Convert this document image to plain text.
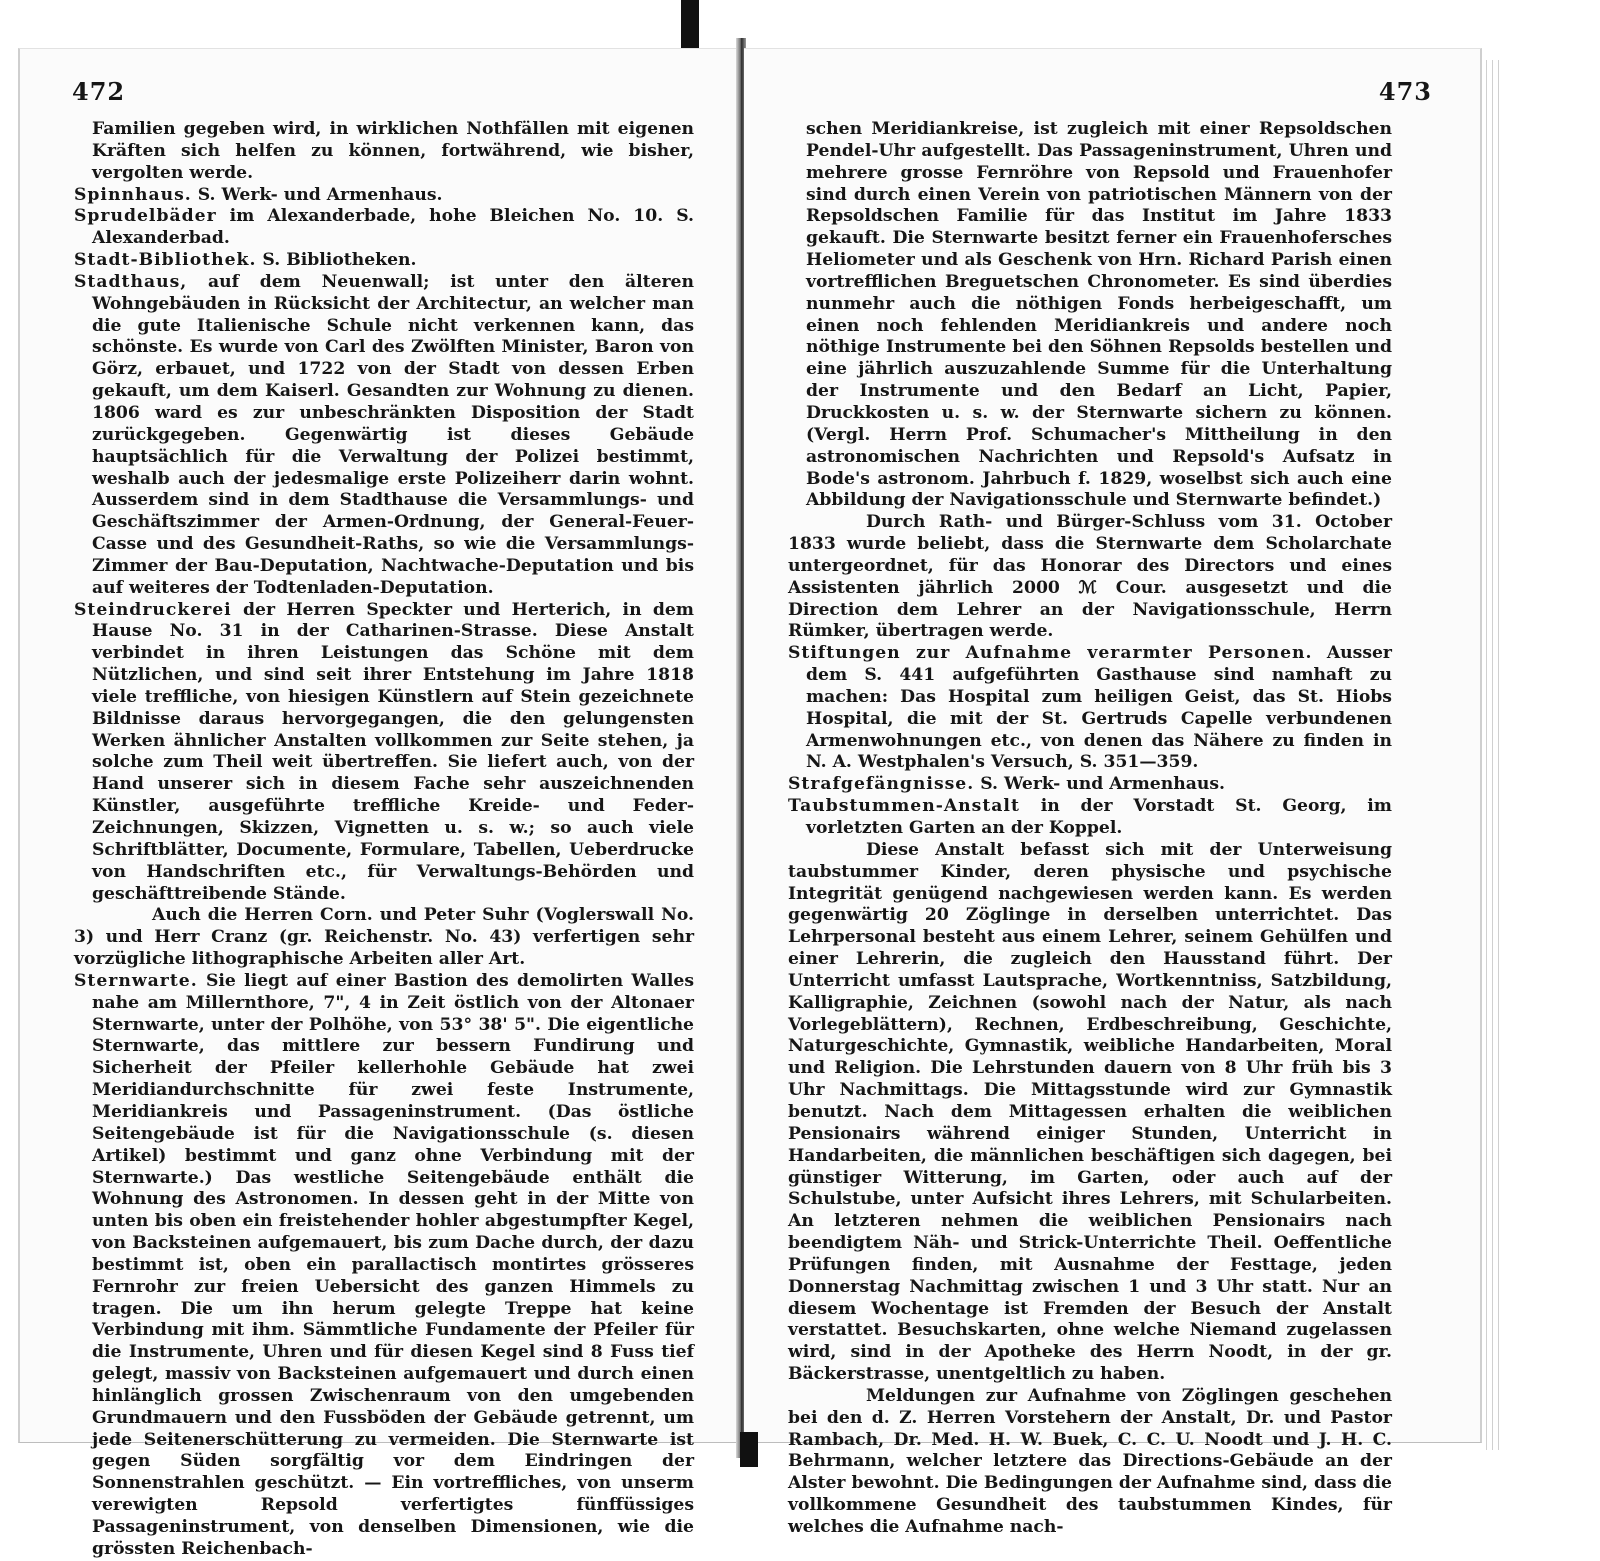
472

Familien gegeben wird, in wirklichen Nothfällen mit eigenen Kräften sich helfen zu können, fortwährend, wie bisher, vergolten werde.

Spinnhaus. S. Werk- und Armenhaus.

Sprudelbäder im Alexanderbade, hohe Bleichen No. 10. S. Alexanderbad.

Stadt-Bibliothek. S. Bibliotheken.

Stadthaus, auf dem Neuenwall; ist unter den älteren Wohngebäuden in Rücksicht der Architectur, an welcher man die gute Italienische Schule nicht verkennen kann, das schönste. Es wurde von Carl des Zwölften Minister, Baron von Görz, erbauet, und 1722 von der Stadt von dessen Erben gekauft, um dem Kaiserl. Gesandten zur Wohnung zu dienen. 1806 ward es zur unbeschränkten Disposition der Stadt zurückgegeben. Gegenwärtig ist dieses Gebäude hauptsächlich für die Verwaltung der Polizei bestimmt, weshalb auch der jedesmalige erste Polizeiherr darin wohnt. Ausserdem sind in dem Stadthause die Versammlungs- und Geschäftszimmer der Armen-Ordnung, der General-Feuer-Casse und des Gesundheit-Raths, so wie die Versammlungs-Zimmer der Bau-Deputation, Nachtwache-Deputation und bis auf weiteres der Todtenladen-Deputation.

Steindruckerei der Herren Speckter und Herterich, in dem Hause No. 31 in der Catharinen-Strasse. Diese Anstalt verbindet in ihren Leistungen das Schöne mit dem Nützlichen, und sind seit ihrer Entstehung im Jahre 1818 viele treffliche, von hiesigen Künstlern auf Stein gezeichnete Bildnisse daraus hervorgegangen, die den gelungensten Werken ähnlicher Anstalten vollkommen zur Seite stehen, ja solche zum Theil weit übertreffen. Sie liefert auch, von der Hand unserer sich in diesem Fache sehr auszeichnenden Künstler, ausgeführte treffliche Kreide- und Feder-Zeichnungen, Skizzen, Vignetten u. s. w.; so auch viele Schriftblätter, Documente, Formulare, Tabellen, Ueberdrucke von Handschriften etc., für Verwaltungs-Behörden und geschäfttreibende Stände.

Auch die Herren Corn. und Peter Suhr (Voglerswall No. 3) und Herr Cranz (gr. Reichenstr. No. 43) verfertigen sehr vorzügliche lithographische Arbeiten aller Art.

Sternwarte. Sie liegt auf einer Bastion des demolirten Walles nahe am Millernthore, 7", 4 in Zeit östlich von der Altonaer Sternwarte, unter der Polhöhe, von 53° 38' 5". Die eigentliche Sternwarte, das mittlere zur bessern Fundirung und Sicherheit der Pfeiler kellerhohle Gebäude hat zwei Meridiandurchschnitte für zwei feste Instrumente, Meridiankreis und Passageninstrument. (Das östliche Seitengebäude ist für die Navigationsschule (s. diesen Artikel) bestimmt und ganz ohne Verbindung mit der Sternwarte.) Das westliche Seitengebäude enthält die Wohnung des Astronomen. In dessen geht in der Mitte von unten bis oben ein freistehender hohler abgestumpfter Kegel, von Backsteinen aufgemauert, bis zum Dache durch, der dazu bestimmt ist, oben ein parallactisch montirtes grösseres Fernrohr zur freien Uebersicht des ganzen Himmels zu tragen. Die um ihn herum gelegte Treppe hat keine Verbindung mit ihm. Sämmtliche Fundamente der Pfeiler für die Instrumente, Uhren und für diesen Kegel sind 8 Fuss tief gelegt, massiv von Backsteinen aufgemauert und durch einen hinlänglich grossen Zwischenraum von den umgebenden Grundmauern und den Fussböden der Gebäude getrennt, um jede Seitenerschütterung zu vermeiden. Die Sternwarte ist gegen Süden sorgfältig vor dem Eindringen der Sonnenstrahlen geschützt. — Ein vortreffliches, von unserm verewigten Repsold verfertigtes fünffüssiges Passageninstrument, von denselben Dimensionen, wie die grössten Reichenbach-

473

schen Meridiankreise, ist zugleich mit einer Repsoldschen Pendel-Uhr aufgestellt. Das Passageninstrument, Uhren und mehrere grosse Fernröhre von Repsold und Frauenhofer sind durch einen Verein von patriotischen Männern von der Repsoldschen Familie für das Institut im Jahre 1833 gekauft. Die Sternwarte besitzt ferner ein Frauenhofersches Heliometer und als Geschenk von Hrn. Richard Parish einen vortrefflichen Breguetschen Chronometer. Es sind überdies nunmehr auch die nöthigen Fonds herbeigeschafft, um einen noch fehlenden Meridiankreis und andere noch nöthige Instrumente bei den Söhnen Repsolds bestellen und eine jährlich auszuzahlende Summe für die Unterhaltung der Instrumente und den Bedarf an Licht, Papier, Druckkosten u. s. w. der Sternwarte sichern zu können. (Vergl. Herrn Prof. Schumacher's Mittheilung in den astronomischen Nachrichten und Repsold's Aufsatz in Bode's astronom. Jahrbuch f. 1829, woselbst sich auch eine Abbildung der Navigationsschule und Sternwarte befindet.)

Durch Rath- und Bürger-Schluss vom 31. October 1833 wurde beliebt, dass die Sternwarte dem Scholarchate untergeordnet, für das Honorar des Directors und eines Assistenten jährlich 2000 ℳ Cour. ausgesetzt und die Direction dem Lehrer an der Navigationsschule, Herrn Rümker, übertragen werde.

Stiftungen zur Aufnahme verarmter Personen. Ausser dem S. 441 aufgeführten Gasthause sind namhaft zu machen: Das Hospital zum heiligen Geist, das St. Hiobs Hospital, die mit der St. Gertruds Capelle verbundenen Armenwohnungen etc., von denen das Nähere zu finden in N. A. Westphalen's Versuch, S. 351—359.

Strafgefängnisse. S. Werk- und Armenhaus.

Taubstummen-Anstalt in der Vorstadt St. Georg, im vorletzten Garten an der Koppel.

Diese Anstalt befasst sich mit der Unterweisung taubstummer Kinder, deren physische und psychische Integrität genügend nachgewiesen werden kann. Es werden gegenwärtig 20 Zöglinge in derselben unterrichtet. Das Lehrpersonal besteht aus einem Lehrer, seinem Gehülfen und einer Lehrerin, die zugleich den Hausstand führt. Der Unterricht umfasst Lautsprache, Wortkenntniss, Satzbildung, Kalligraphie, Zeichnen (sowohl nach der Natur, als nach Vorlegeblättern), Rechnen, Erdbeschreibung, Geschichte, Naturgeschichte, Gymnastik, weibliche Handarbeiten, Moral und Religion. Die Lehrstunden dauern von 8 Uhr früh bis 3 Uhr Nachmittags. Die Mittagsstunde wird zur Gymnastik benutzt. Nach dem Mittagessen erhalten die weiblichen Pensionairs während einiger Stunden, Unterricht in Handarbeiten, die männlichen beschäftigen sich dagegen, bei günstiger Witterung, im Garten, oder auch auf der Schulstube, unter Aufsicht ihres Lehrers, mit Schularbeiten. An letzteren nehmen die weiblichen Pensionairs nach beendigtem Näh- und Strick-Unterrichte Theil. Oeffentliche Prüfungen finden, mit Ausnahme der Festtage, jeden Donnerstag Nachmittag zwischen 1 und 3 Uhr statt. Nur an diesem Wochentage ist Fremden der Besuch der Anstalt verstattet. Besuchskarten, ohne welche Niemand zugelassen wird, sind in der Apotheke des Herrn Noodt, in der gr. Bäckerstrasse, unentgeltlich zu haben.

Meldungen zur Aufnahme von Zöglingen geschehen bei den d. Z. Herren Vorstehern der Anstalt, Dr. und Pastor Rambach, Dr. Med. H. W. Buek, C. C. U. Noodt und J. H. C. Behrmann, welcher letztere das Directions-Gebäude an der Alster bewohnt. Die Bedingungen der Aufnahme sind, dass die vollkommene Gesundheit des taubstummen Kindes, für welches die Aufnahme nach-
